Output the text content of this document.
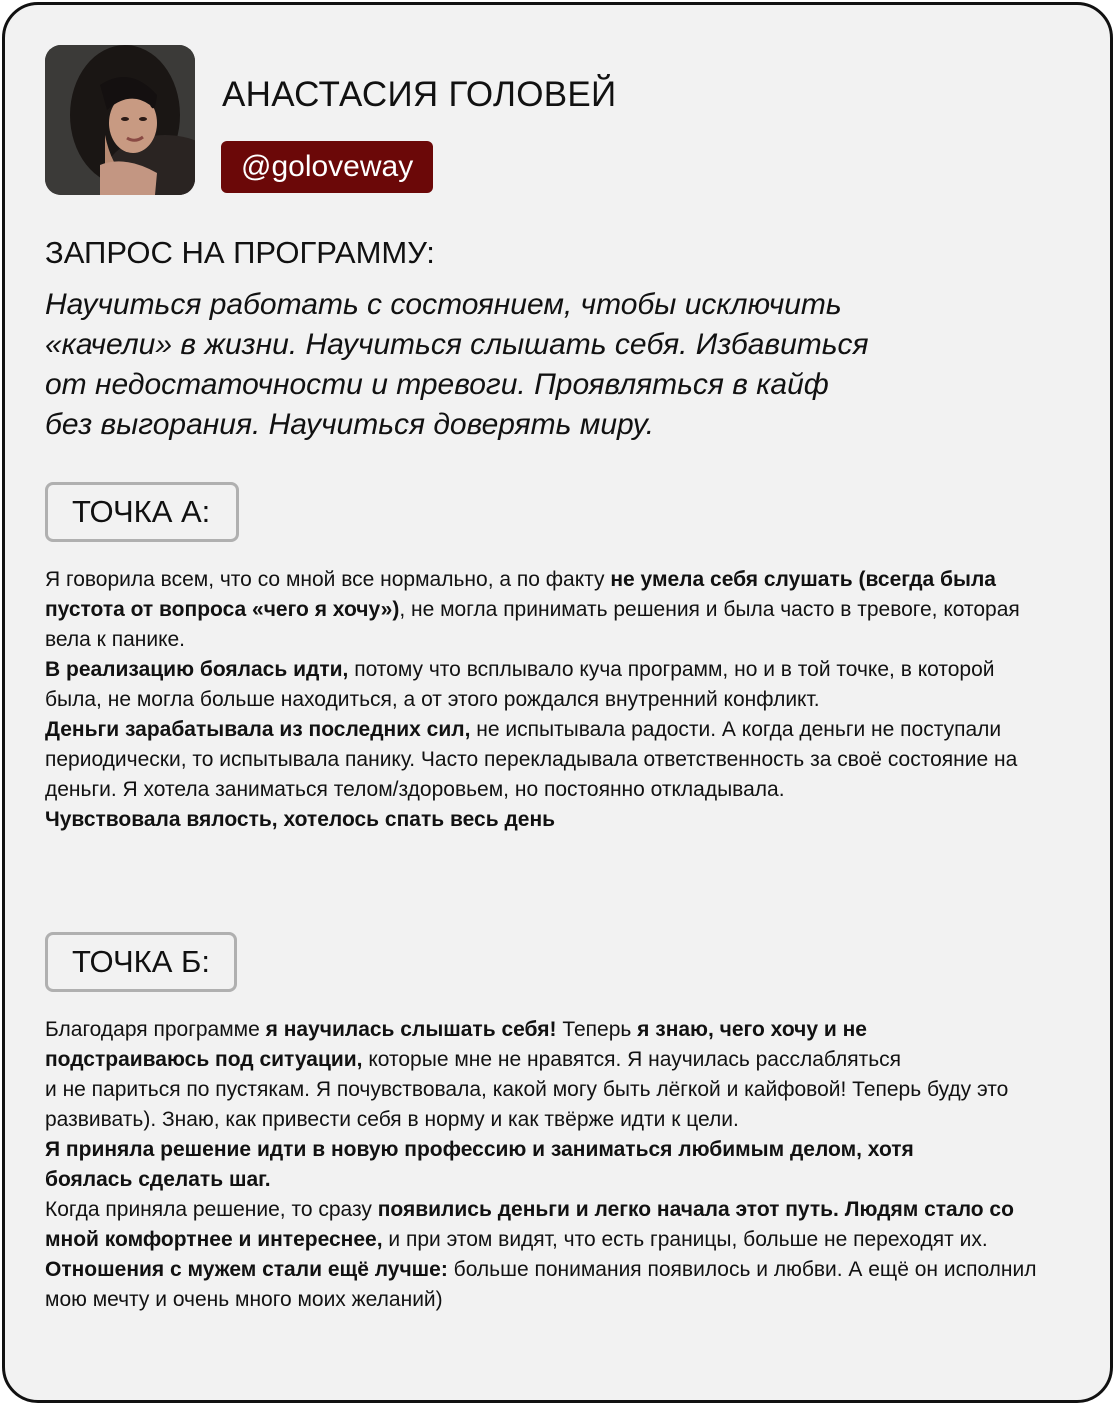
АНАСТАСИЯ ГОЛОВЕЙ
@goloveway
ЗАПРОС НА ПРОГРАММУ:
Научиться работать с состоянием, чтобы исключить
«качели» в жизни. Научиться слышать себя. Избавиться
от недостаточности и тревоги. Проявляться в кайф
без выгорания. Научиться доверять миру.
ТОЧКА А:

Я говорила всем, что со мной все нормально, а по факту не умела себя слушать (всегда была пустота от вопроса «чего я хочу»), не могла принимать решения и была часто в тревоге, которая вела к панике.

В реализацию боялась идти, потому что всплывало куча программ, но и в той точке, в которой была, не могла больше находиться, а от этого рождался внутренний конфликт.

Деньги зарабатывала из последних сил, не испытывала радости. А когда деньги не поступали периодически, то испытывала панику. Часто перекладывала ответственность за своё состояние на деньги. Я хотела заниматься телом/здоровьем, но постоянно откладывала.

Чувствовала вялость, хотелось спать весь день

ТОЧКА Б:

Благодаря программе я научилась слышать себя! Теперь я знаю, чего хочу и не подстраиваюсь под ситуации, которые мне не нравятся. Я научилась расслабляться

и не париться по пустякам. Я почувствовала, какой могу быть лёгкой и кайфовой! Теперь буду это развивать). Знаю, как привести себя в норму и как твёрже идти к цели.

Я приняла решение идти в новую профессию и заниматься любимым делом, хотя боялась сделать шаг.

Когда приняла решение, то сразу появились деньги и легко начала этот путь. Людям стало со мной комфортнее и интереснее, и при этом видят, что есть границы, больше не переходят их.

Отношения с мужем стали ещё лучше: больше понимания появилось и любви. А ещё он исполнил мою мечту и очень много моих желаний)
